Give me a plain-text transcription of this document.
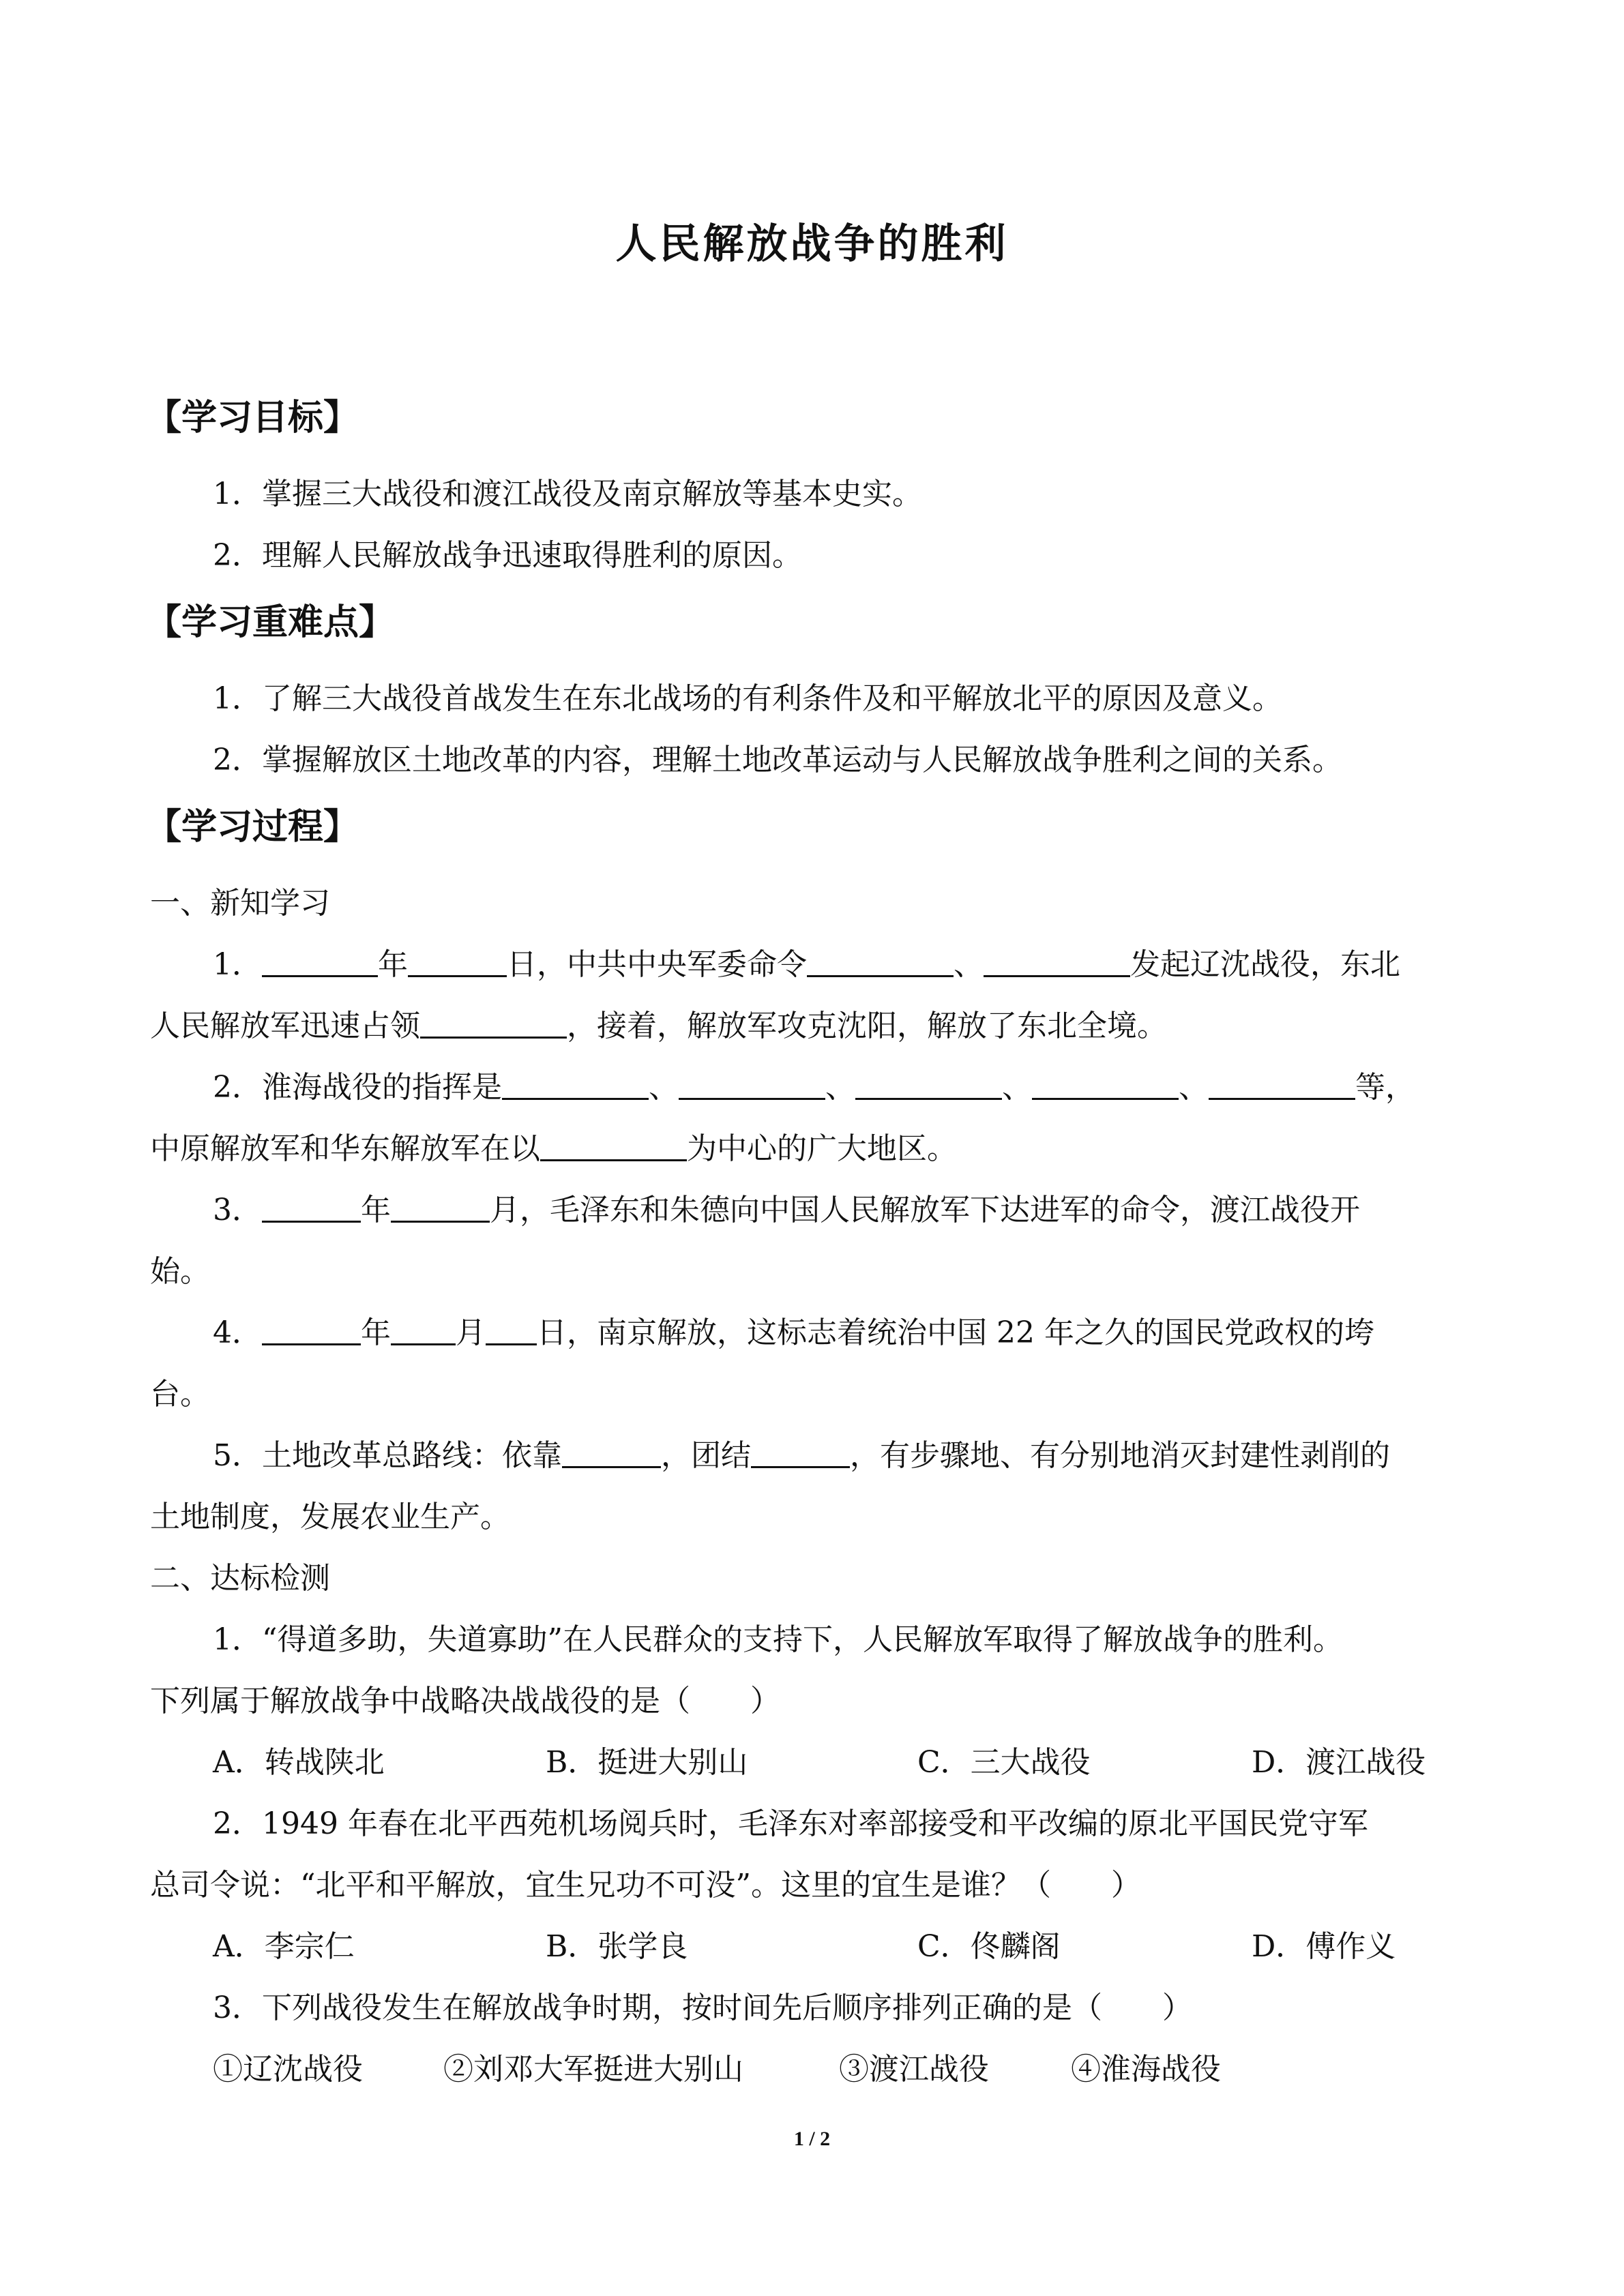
人民解放战争的胜利
【学习目标】
1．掌握三大战役和渡江战役及南京解放等基本史实。
2．理解人民解放战争迅速取得胜利的原因。
【学习重难点】
1．了解三大战役首战发生在东北战场的有利条件及和平解放北平的原因及意义。
2．掌握解放区土地改革的内容，理解土地改革运动与人民解放战争胜利之间的关系。
【学习过程】
一、新知学习
1．	年	日，中共中央军委命令	、	发起辽沈战役，东北
人民解放军迅速占领	，接着，解放军攻克沈阳，解放了东北全境。
2．淮海战役的指挥是	、	、	、	、	等，
中原解放军和华东解放军在以	为中心的广大地区。
3．	年	月，毛泽东和朱德向中国人民解放军下达进军的命令，渡江战役开
始。
4．	年 月 日，南京解放，这标志着统治中国 22 年之久的国民党政权的垮
台。
5．土地改革总路线：依靠	，团结	，有步骤地、有分别地消灭封建性剥削的
土地制度，发展农业生产。
二、达标检测
1．“得道多助，失道寡助”在人民群众的支持下，人民解放军取得了解放战争的胜利。
下列属于解放战争中战略决战战役的是（　　）
A．转战陕北	B．挺进大别山	C．三大战役	D．渡江战役
2．1949 年春在北平西苑机场阅兵时，毛泽东对率部接受和平改编的原北平国民党守军
总司令说：“北平和平解放，宜生兄功不可没”。这里的宜生是谁？（　　）
A．李宗仁	B．张学良	C．佟麟阁	D．傅作义
3．下列战役发生在解放战争时期，按时间先后顺序排列正确的是（　　）
①辽沈战役	②刘邓大军挺进大别山	③渡江战役	④淮海战役
1 / 2
